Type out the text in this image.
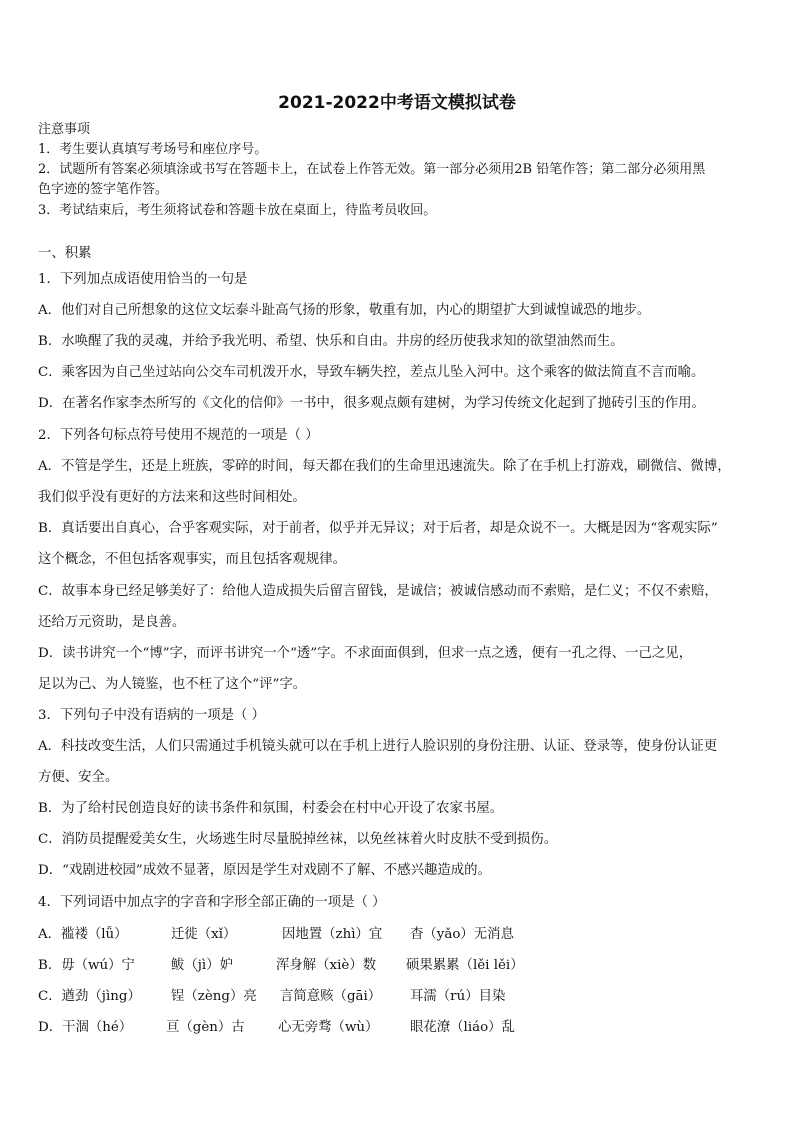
2021-2022中考语文模拟试卷
注意事项
1．考生要认真填写考场号和座位序号。
2．试题所有答案必须填涂或书写在答题卡上，在试卷上作答无效。第一部分必须用2B 铅笔作答；第二部分必须用黑
色字迹的签字笔作答。
3．考试结束后，考生须将试卷和答题卡放在桌面上，待监考员收回。
一、积累
1．下列加点成语使用恰当的一句是
A．他们对自己所想象的这位文坛泰斗趾高气扬的形象，敬重有加，内心的期望扩大到诚惶诚恐的地步。
B．水唤醒了我的灵魂，并给予我光明、希望、快乐和自由。井房的经历使我求知的欲望油然而生。
C．乘客因为自己坐过站向公交车司机泼开水，导致车辆失控，差点儿坠入河中。这个乘客的做法简直不言而喻。
D．在著名作家李杰所写的《文化的信仰》一书中，很多观点颇有建树，为学习传统文化起到了抛砖引玉的作用。
2．下列各句标点符号使用不规范的一项是（ ）
A．不管是学生，还是上班族，零碎的时间，每天都在我们的生命里迅速流失。除了在手机上打游戏，刷微信、微博，
我们似乎没有更好的方法来和这些时间相处。
B．真话要出自真心，合乎客观实际，对于前者，似乎并无异议；对于后者，却是众说不一。大概是因为“客观实际”
这个概念，不但包括客观事实，而且包括客观规律。
C．故事本身已经足够美好了：给他人造成损失后留言留钱，是诚信；被诚信感动而不索赔，是仁义；不仅不索赔，
还给万元资助，是良善。
D．读书讲究一个“博”字，而评书讲究一个“透”字。不求面面俱到，但求一点之透，便有一孔之得、一己之见，
足以为己、为人镜鉴，也不枉了这个“评”字。
3．下列句子中没有语病的一项是（ ）
A．科技改变生活，人们只需通过手机镜头就可以在手机上进行人脸识别的身份注册、认证、登录等，使身份认证更
方便、安全。
B．为了给村民创造良好的读书条件和氛围，村委会在村中心开设了农家书屋。
C．消防员提醒爱美女生，火场逃生时尽量脱掉丝袜，以免丝袜着火时皮肤不受到损伤。
D．“戏剧进校园”成效不显著，原因是学生对戏剧不了解、不感兴趣造成的。
4．下列词语中加点字的字音和字形全部正确的一项是（ ）
A．褴褛（lǚ）	迁徙（xǐ）	因地置（zhì）宜 杳（yǎo）无消息
B．毋（wú）宁	鲅（jì）妒	浑身解（xiè）数 硕果累累（lěi lěi）
C．遒劲（jìng） 锃（zèng）亮 言简意赅（gāi） 耳濡（rú）目染
D．干涸（hé）	亘（gèn）古 心无旁骛（wù） 眼花潦（liáo）乱
